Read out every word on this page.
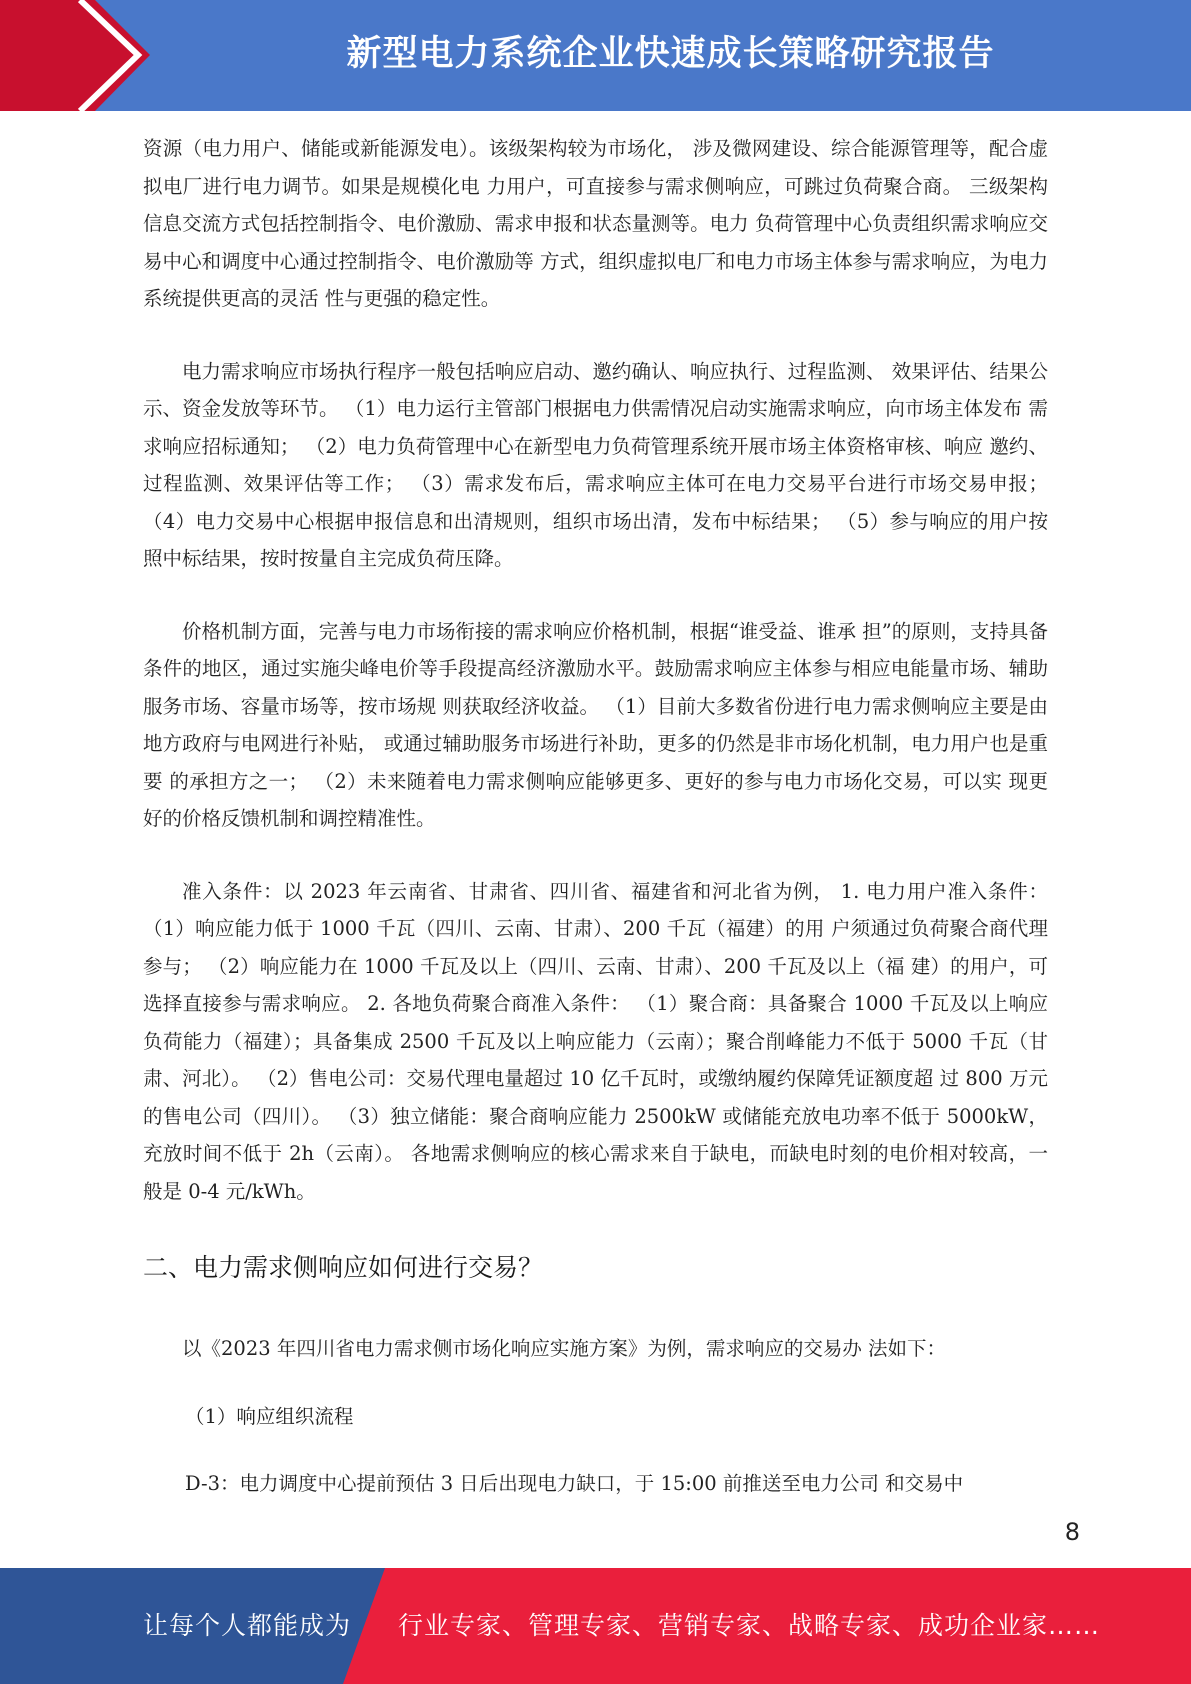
新型电力系统企业快速成长策略研究报告

资源（电力用户、储能或新能源发电）。该级架构较为市场化， 涉及微网建设、综合能源管理等，配合虚拟电厂进行电力调节。如果是规模化电 力用户，可直接参与需求侧响应，可跳过负荷聚合商。 三级架构信息交流方式包括控制指令、电价激励、需求申报和状态量测等。电力 负荷管理中心负责组织需求响应交易中心和调度中心通过控制指令、电价激励等 方式，组织虚拟电厂和电力市场主体参与需求响应，为电力系统提供更高的灵活 性与更强的稳定性。

电力需求响应市场执行程序一般包括响应启动、邀约确认、响应执行、过程监测、 效果评估、结果公示、资金发放等环节。 （1）电力运行主管部门根据电力供需情况启动实施需求响应，向市场主体发布 需求响应招标通知； （2）电力负荷管理中心在新型电力负荷管理系统开展市场主体资格审核、响应 邀约、过程监测、效果评估等工作； （3）需求发布后，需求响应主体可在电力交易平台进行市场交易申报； （4）电力交易中心根据申报信息和出清规则，组织市场出清，发布中标结果； （5）参与响应的用户按照中标结果，按时按量自主完成负荷压降。

价格机制方面，完善与电力市场衔接的需求响应价格机制，根据“谁受益、谁承 担”的原则，支持具备条件的地区，通过实施尖峰电价等手段提高经济激励水平。鼓励需求响应主体参与相应电能量市场、辅助服务市场、容量市场等，按市场规 则获取经济收益。 （1）目前大多数省份进行电力需求侧响应主要是由地方政府与电网进行补贴， 或通过辅助服务市场进行补助，更多的仍然是非市场化机制，电力用户也是重要 的承担方之一； （2）未来随着电力需求侧响应能够更多、更好的参与电力市场化交易，可以实 现更好的价格反馈机制和调控精准性。

准入条件：以 2023 年云南省、甘肃省、四川省、福建省和河北省为例， 1. 电力用户准入条件： （1）响应能力低于 1000 千瓦（四川、云南、甘肃）、200 千瓦（福建）的用 户须通过负荷聚合商代理参与； （2）响应能力在 1000 千瓦及以上（四川、云南、甘肃）、200 千瓦及以上（福 建）的用户，可选择直接参与需求响应。 2. 各地负荷聚合商准入条件： （1）聚合商：具备聚合 1000 千瓦及以上响应负荷能力（福建）；具备集成 2500 千瓦及以上响应能力（云南）；聚合削峰能力不低于 5000 千瓦（甘肃、河北）。 （2）售电公司：交易代理电量超过 10 亿千瓦时，或缴纳履约保障凭证额度超 过 800 万元的售电公司（四川）。 （3）独立储能：聚合商响应能力 2500kW 或储能充放电功率不低于 5000kW， 充放时间不低于 2h（云南）。 各地需求侧响应的核心需求来自于缺电，而缺电时刻的电价相对较高，一般是 0-4 元/kWh。

二、电力需求侧响应如何进行交易？

以《2023 年四川省电力需求侧市场化响应实施方案》为例，需求响应的交易办 法如下：

（1）响应组织流程

D-3：电力调度中心提前预估 3 日后出现电力缺口，于 15:00 前推送至电力公司 和交易中

8
让每个人都能成为 行业专家、管理专家、营销专家、战略专家、成功企业家……
